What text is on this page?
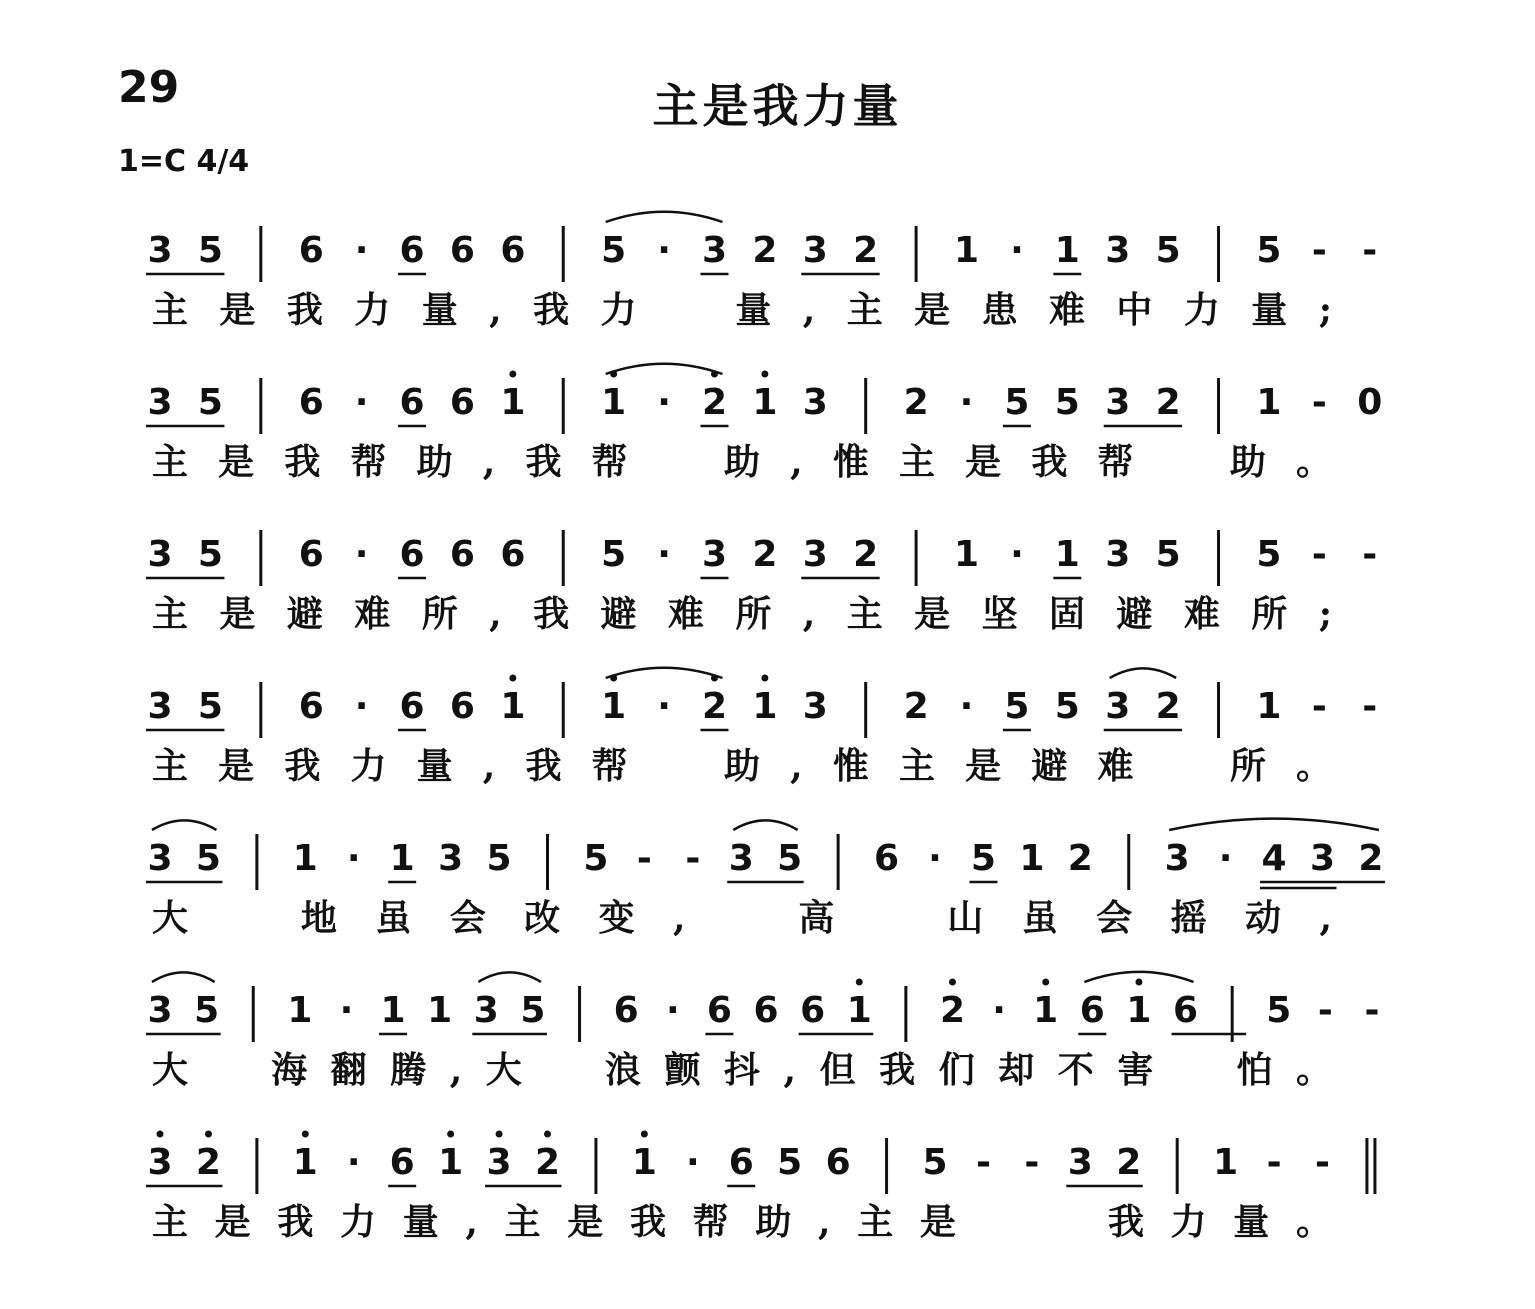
29	主是我力量
1=C 4/4
3 5 6 · 6 6 6 5 · 3 2 3 2 1 · 1 3 5 5 - -
主是我力量,我力　量,主是患难中力量;
3 5 6 · 6 6 1 1 · 2 1 3 2 · 5 5 3 2 1 - 0
主是我帮助,我帮　助,惟主是我帮　助。
3 5 6 · 6 6 6 5 · 3 2 3 2 1 · 1 3 5 5 - -
主是避难所,我避难所,主是坚固避难所;
3 5 6 · 6 6 1 1 · 2 1 3 2 · 5 5 3 2 1 - -
主是我力量,我帮　助,惟主是避难　所。
3 5 1 · 1 3 5 5 - - 3 5 6 · 5 1 2 3 · 4 3 2
大　地虽会改变,　高　山虽会摇动,
3 5 1 · 1 1 3 5 6 · 6 6 6 1 2 · 1 6 1 6 5 - -
大　海翻腾,大　浪颤抖,但我们却不害　怕。
3 2 1 · 6 1 3 2 1 · 6 5 6 5 - - 3 2 1 - -
主是我力量,主是我帮助,主是　　我力量。
